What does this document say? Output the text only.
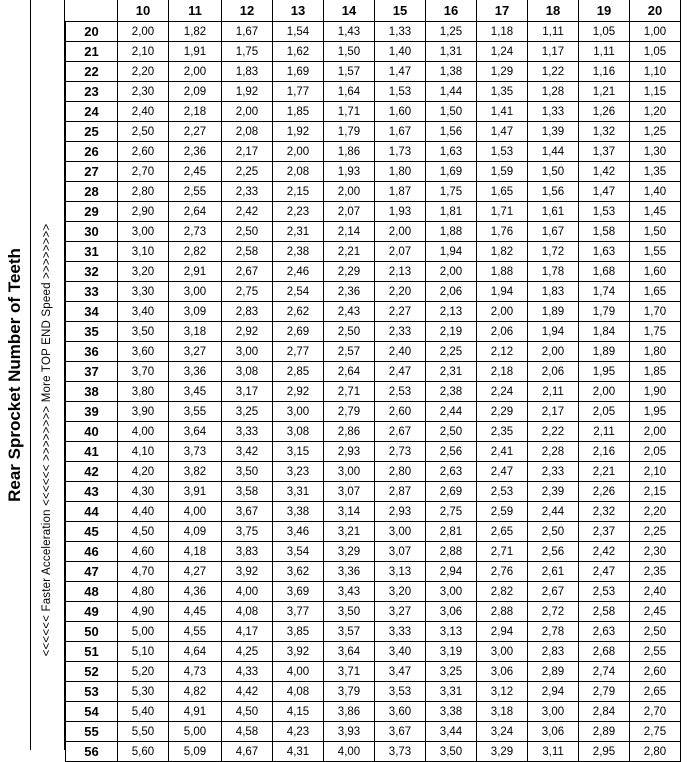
Rear Sprocket Number of Teeth <<<<<< Faster Acceleration <<<<<< >>>>>>>> More TOP END Speed >>>>>>>>
	10	11	12	13	14	15	16	17	18	19	20
20	2,00	1,82	1,67	1,54	1,43	1,33	1,25	1,18	1,11	1,05	1,00
21	2,10	1,91	1,75	1,62	1,50	1,40	1,31	1,24	1,17	1,11	1,05
22	2,20	2,00	1,83	1,69	1,57	1,47	1,38	1,29	1,22	1,16	1,10
23	2,30	2,09	1,92	1,77	1,64	1,53	1,44	1,35	1,28	1,21	1,15
24	2,40	2,18	2,00	1,85	1,71	1,60	1,50	1,41	1,33	1,26	1,20
25	2,50	2,27	2,08	1,92	1,79	1,67	1,56	1,47	1,39	1,32	1,25
26	2,60	2,36	2,17	2,00	1,86	1,73	1,63	1,53	1,44	1,37	1,30
27	2,70	2,45	2,25	2,08	1,93	1,80	1,69	1,59	1,50	1,42	1,35
28	2,80	2,55	2,33	2,15	2,00	1,87	1,75	1,65	1,56	1,47	1,40
29	2,90	2,64	2,42	2,23	2,07	1,93	1,81	1,71	1,61	1,53	1,45
30	3,00	2,73	2,50	2,31	2,14	2,00	1,88	1,76	1,67	1,58	1,50
31	3,10	2,82	2,58	2,38	2,21	2,07	1,94	1,82	1,72	1,63	1,55
32	3,20	2,91	2,67	2,46	2,29	2,13	2,00	1,88	1,78	1,68	1,60
33	3,30	3,00	2,75	2,54	2,36	2,20	2,06	1,94	1,83	1,74	1,65
34	3,40	3,09	2,83	2,62	2,43	2,27	2,13	2,00	1,89	1,79	1,70
35	3,50	3,18	2,92	2,69	2,50	2,33	2,19	2,06	1,94	1,84	1,75
36	3,60	3,27	3,00	2,77	2,57	2,40	2,25	2,12	2,00	1,89	1,80
37	3,70	3,36	3,08	2,85	2,64	2,47	2,31	2,18	2,06	1,95	1,85
38	3,80	3,45	3,17	2,92	2,71	2,53	2,38	2,24	2,11	2,00	1,90
39	3,90	3,55	3,25	3,00	2,79	2,60	2,44	2,29	2,17	2,05	1,95
40	4,00	3,64	3,33	3,08	2,86	2,67	2,50	2,35	2,22	2,11	2,00
41	4,10	3,73	3,42	3,15	2,93	2,73	2,56	2,41	2,28	2,16	2,05
42	4,20	3,82	3,50	3,23	3,00	2,80	2,63	2,47	2,33	2,21	2,10
43	4,30	3,91	3,58	3,31	3,07	2,87	2,69	2,53	2,39	2,26	2,15
44	4,40	4,00	3,67	3,38	3,14	2,93	2,75	2,59	2,44	2,32	2,20
45	4,50	4,09	3,75	3,46	3,21	3,00	2,81	2,65	2,50	2,37	2,25
46	4,60	4,18	3,83	3,54	3,29	3,07	2,88	2,71	2,56	2,42	2,30
47	4,70	4,27	3,92	3,62	3,36	3,13	2,94	2,76	2,61	2,47	2,35
48	4,80	4,36	4,00	3,69	3,43	3,20	3,00	2,82	2,67	2,53	2,40
49	4,90	4,45	4,08	3,77	3,50	3,27	3,06	2,88	2,72	2,58	2,45
50	5,00	4,55	4,17	3,85	3,57	3,33	3,13	2,94	2,78	2,63	2,50
51	5,10	4,64	4,25	3,92	3,64	3,40	3,19	3,00	2,83	2,68	2,55
52	5,20	4,73	4,33	4,00	3,71	3,47	3,25	3,06	2,89	2,74	2,60
53	5,30	4,82	4,42	4,08	3,79	3,53	3,31	3,12	2,94	2,79	2,65
54	5,40	4,91	4,50	4,15	3,86	3,60	3,38	3,18	3,00	2,84	2,70
55	5,50	5,00	4,58	4,23	3,93	3,67	3,44	3,24	3,06	2,89	2,75
56	5,60	5,09	4,67	4,31	4,00	3,73	3,50	3,29	3,11	2,95	2,80
